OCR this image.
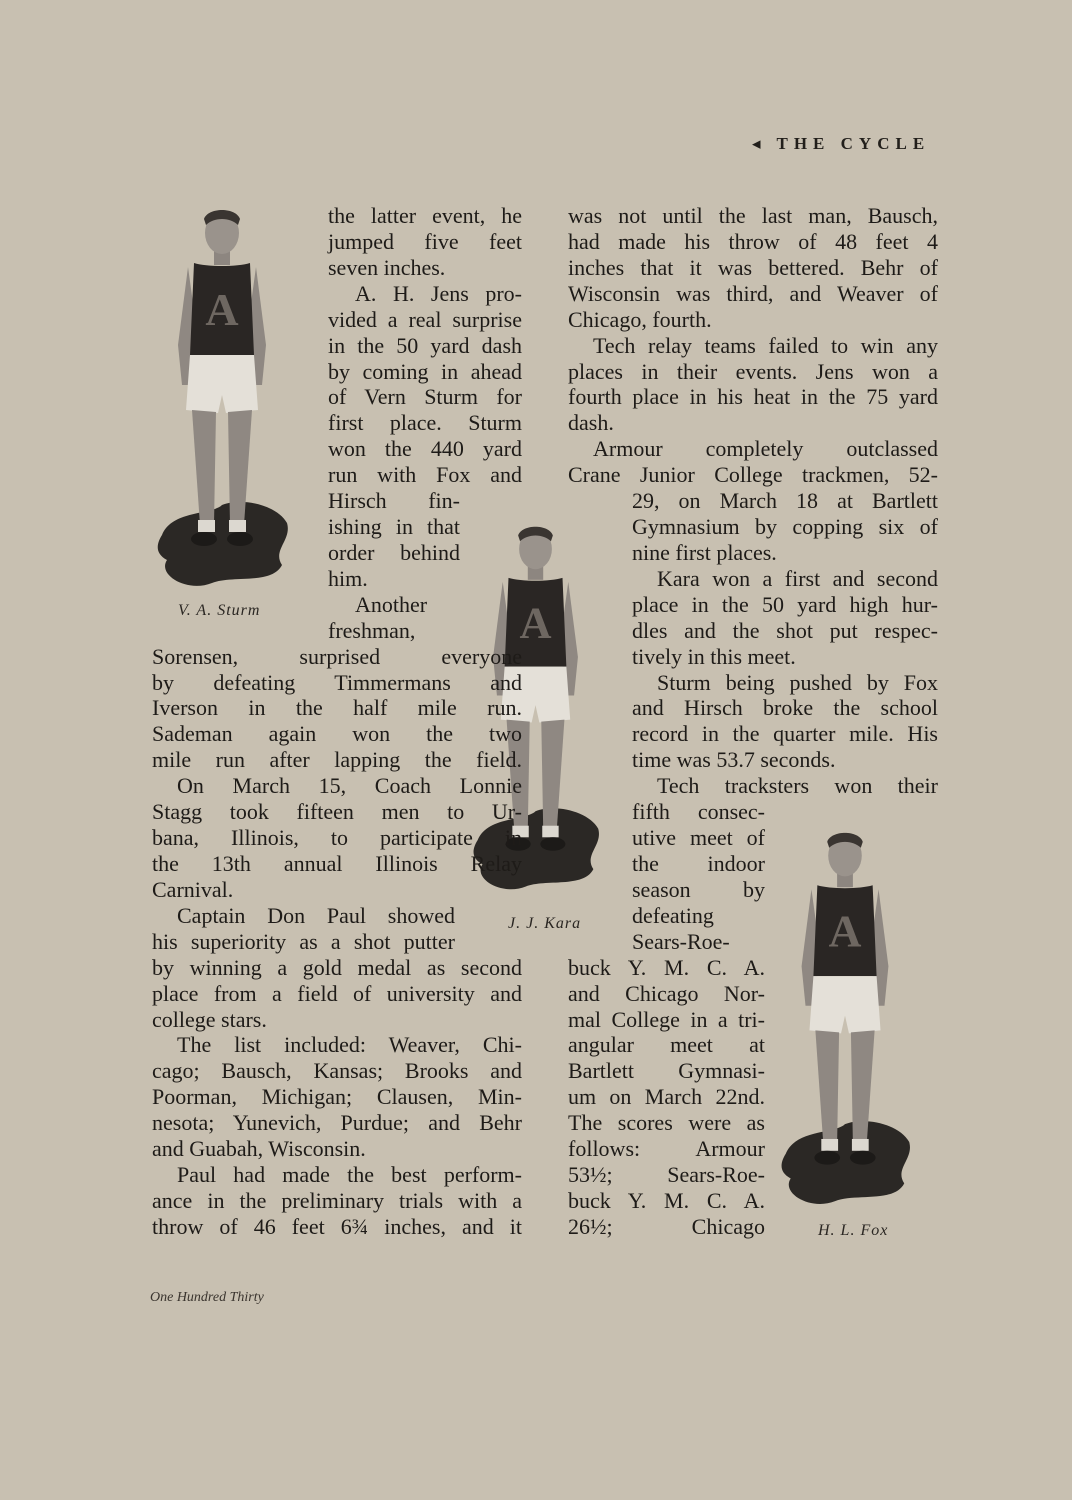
◂ THE CYCLE
V. A. Sturm
J. J. Kara
H. L. Fox
the latter event, he
jumped five feet
seven inches.
A. H. Jens pro-
vided a real surprise
in the 50 yard dash
by coming in ahead
of Vern Sturm for
first place. Sturm
won the 440 yard
run with Fox and
Hirsch fin-
ishing in that
order behind
him.
Another
freshman,
Sorensen, surprised everyone
by defeating Timmermans and
Iverson in the half mile run.
Sademan again won the two
mile run after lapping the field.
On March 15, Coach Lonnie
Stagg took fifteen men to Ur-
bana, Illinois, to participate in
the 13th annual Illinois Relay
Carnival.
Captain Don Paul showed
his superiority as a shot putter
by winning a gold medal as second
place from a field of university and
college stars.
The list included: Weaver, Chi-
cago; Bausch, Kansas; Brooks and
Poorman, Michigan; Clausen, Min-
nesota; Yunevich, Purdue; and Behr
and Guabah, Wisconsin.
Paul had made the best perform-
ance in the preliminary trials with a
throw of 46 feet 6¾ inches, and it
was not until the last man, Bausch,
had made his throw of 48 feet 4
inches that it was bettered. Behr of
Wisconsin was third, and Weaver of
Chicago, fourth.
Tech relay teams failed to win any
places in their events. Jens won a
fourth place in his heat in the 75 yard
dash.
Armour completely outclassed
Crane Junior College trackmen, 52-
29, on March 18 at Bartlett
Gymnasium by copping six of
nine first places.
Kara won a first and second
place in the 50 yard high hur-
dles and the shot put respec-
tively in this meet.
Sturm being pushed by Fox
and Hirsch broke the school
record in the quarter mile. His
time was 53.7 seconds.
Tech tracksters won their
fifth consec-
utive meet of
the indoor
season by
defeating
Sears-Roe-
buck Y. M. C. A.
and Chicago Nor-
mal College in a tri-
angular meet at
Bartlett Gymnasi-
um on March 22nd.
The scores were as
follows: Armour
53½; Sears-Roe-
buck Y. M. C. A.
26½; Chicago
One Hundred Thirty
